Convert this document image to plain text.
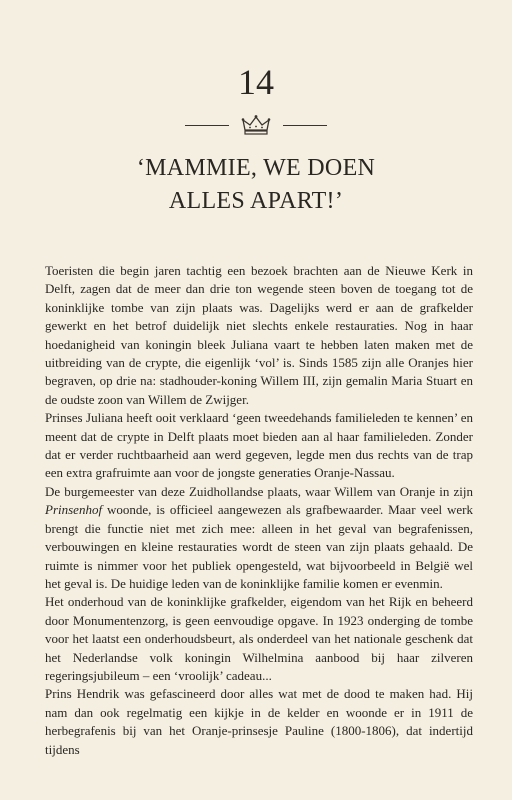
14
‘MAMMIE, WE DOEN
ALLES APART!’

Toeristen die begin jaren tachtig een bezoek brachten aan de Nieuwe Kerk in Delft, zagen dat de meer dan drie ton wegende steen boven de toegang tot de koninklijke tombe van zijn plaats was. Dagelijks werd er aan de grafkelder gewerkt en het betrof duidelijk niet slechts enkele restauraties. Nog in haar hoedanigheid van koningin bleek Juliana vaart te hebben laten maken met de uitbreiding van de crypte, die eigenlijk ‘vol’ is. Sinds 1585 zijn alle Oranjes hier begraven, op drie na: stadhouder-koning Willem III, zijn gemalin Maria Stuart en de oudste zoon van Willem de Zwijger.

Prinses Juliana heeft ooit verklaard ‘geen tweedehands familieleden te kennen’ en meent dat de crypte in Delft plaats moet bieden aan al haar familieleden. Zonder dat er verder ruchtbaarheid aan werd gegeven, legde men dus rechts van de trap een extra grafruimte aan voor de jongste generaties Oranje-Nassau.

De burgemeester van deze Zuidhollandse plaats, waar Willem van Oranje in zijn Prinsenhof woonde, is officieel aangewezen als grafbewaarder. Maar veel werk brengt die functie niet met zich mee: alleen in het geval van begrafenissen, verbouwingen en kleine restauraties wordt de steen van zijn plaats gehaald. De ruimte is nimmer voor het publiek opengesteld, wat bijvoorbeeld in België wel het geval is. De huidige leden van de koninklijke familie komen er evenmin.

Het onderhoud van de koninklijke grafkelder, eigendom van het Rijk en beheerd door Monumentenzorg, is geen eenvoudige opgave. In 1923 onderging de tombe voor het laatst een onderhoudsbeurt, als onderdeel van het nationale geschenk dat het Nederlandse volk koningin Wilhelmina aanbood bij haar zilveren regeringsjubileum – een ‘vroolijk’ cadeau...

Prins Hendrik was gefascineerd door alles wat met de dood te maken had. Hij nam dan ook regelmatig een kijkje in de kelder en woonde er in 1911 de herbegrafenis bij van het Oranje-prinsesje Pauline (1800-1806), dat indertijd tijdens
